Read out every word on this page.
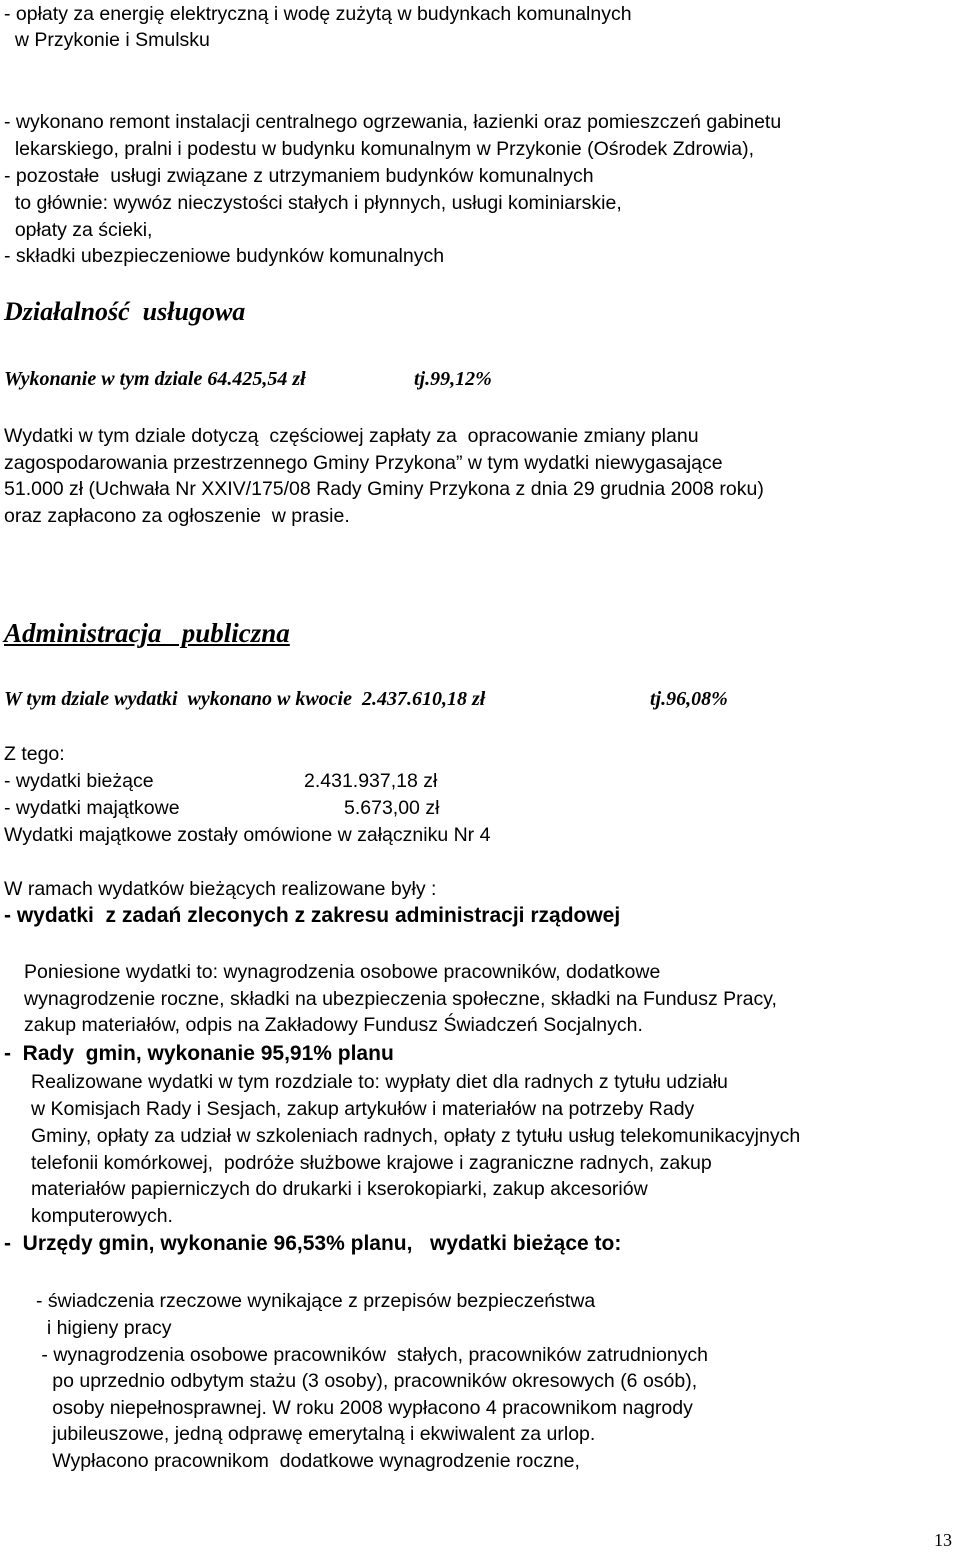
- opłaty za energię elektryczną i wodę zużytą w budynkach komunalnych
w Przykonie i Smulsku
- wykonano remont instalacji centralnego ogrzewania, łazienki oraz pomieszczeń gabinetu
lekarskiego, pralni i podestu w budynku komunalnym w Przykonie (Ośrodek Zdrowia),
- pozostałe  usługi związane z utrzymaniem budynków komunalnych
to głównie: wywóz nieczystości stałych i płynnych, usługi kominiarskie,
opłaty za ścieki,
- składki ubezpieczeniowe budynków komunalnych
Działalność  usługowa
Wykonanie w tym dziale 64.425,54 zł	tj.99,12%
Wydatki w tym dziale dotyczą  częściowej zapłaty za  opracowanie zmiany planu
zagospodarowania przestrzennego Gminy Przykona” w tym wydatki niewygasające
51.000 zł (Uchwała Nr XXIV/175/08 Rady Gminy Przykona z dnia 29 grudnia 2008 roku)
oraz zapłacono za ogłoszenie  w prasie.
Administracja   publiczna
W tym dziale wydatki  wykonano w kwocie  2.437.610,18 zł	tj.96,08%
Z tego:
- wydatki bieżące	2.431.937,18 zł
- wydatki majątkowe	5.673,00 zł
Wydatki majątkowe zostały omówione w załączniku Nr 4
W ramach wydatków bieżących realizowane były :
- wydatki  z zadań zleconych z zakresu administracji rządowej
Poniesione wydatki to: wynagrodzenia osobowe pracowników, dodatkowe
wynagrodzenie roczne, składki na ubezpieczenia społeczne, składki na Fundusz Pracy,
zakup materiałów, odpis na Zakładowy Fundusz Świadczeń Socjalnych.
-  Rady  gmin, wykonanie 95,91% planu
Realizowane wydatki w tym rozdziale to: wypłaty diet dla radnych z tytułu udziału
w Komisjach Rady i Sesjach, zakup artykułów i materiałów na potrzeby Rady
Gminy, opłaty za udział w szkoleniach radnych, opłaty z tytułu usług telekomunikacyjnych
telefonii komórkowej,  podróże służbowe krajowe i zagraniczne radnych, zakup
materiałów papierniczych do drukarki i kserokopiarki, zakup akcesoriów
komputerowych.
-  Urzędy gmin, wykonanie 96,53% planu,   wydatki bieżące to:
- świadczenia rzeczowe wynikające z przepisów bezpieczeństwa
i higieny pracy
- wynagrodzenia osobowe pracowników  stałych, pracowników zatrudnionych
po uprzednio odbytym stażu (3 osoby), pracowników okresowych (6 osób),
osoby niepełnosprawnej. W roku 2008 wypłacono 4 pracownikom nagrody
jubileuszowe, jedną odprawę emerytalną i ekwiwalent za urlop.
Wypłacono pracownikom  dodatkowe wynagrodzenie roczne,
13
